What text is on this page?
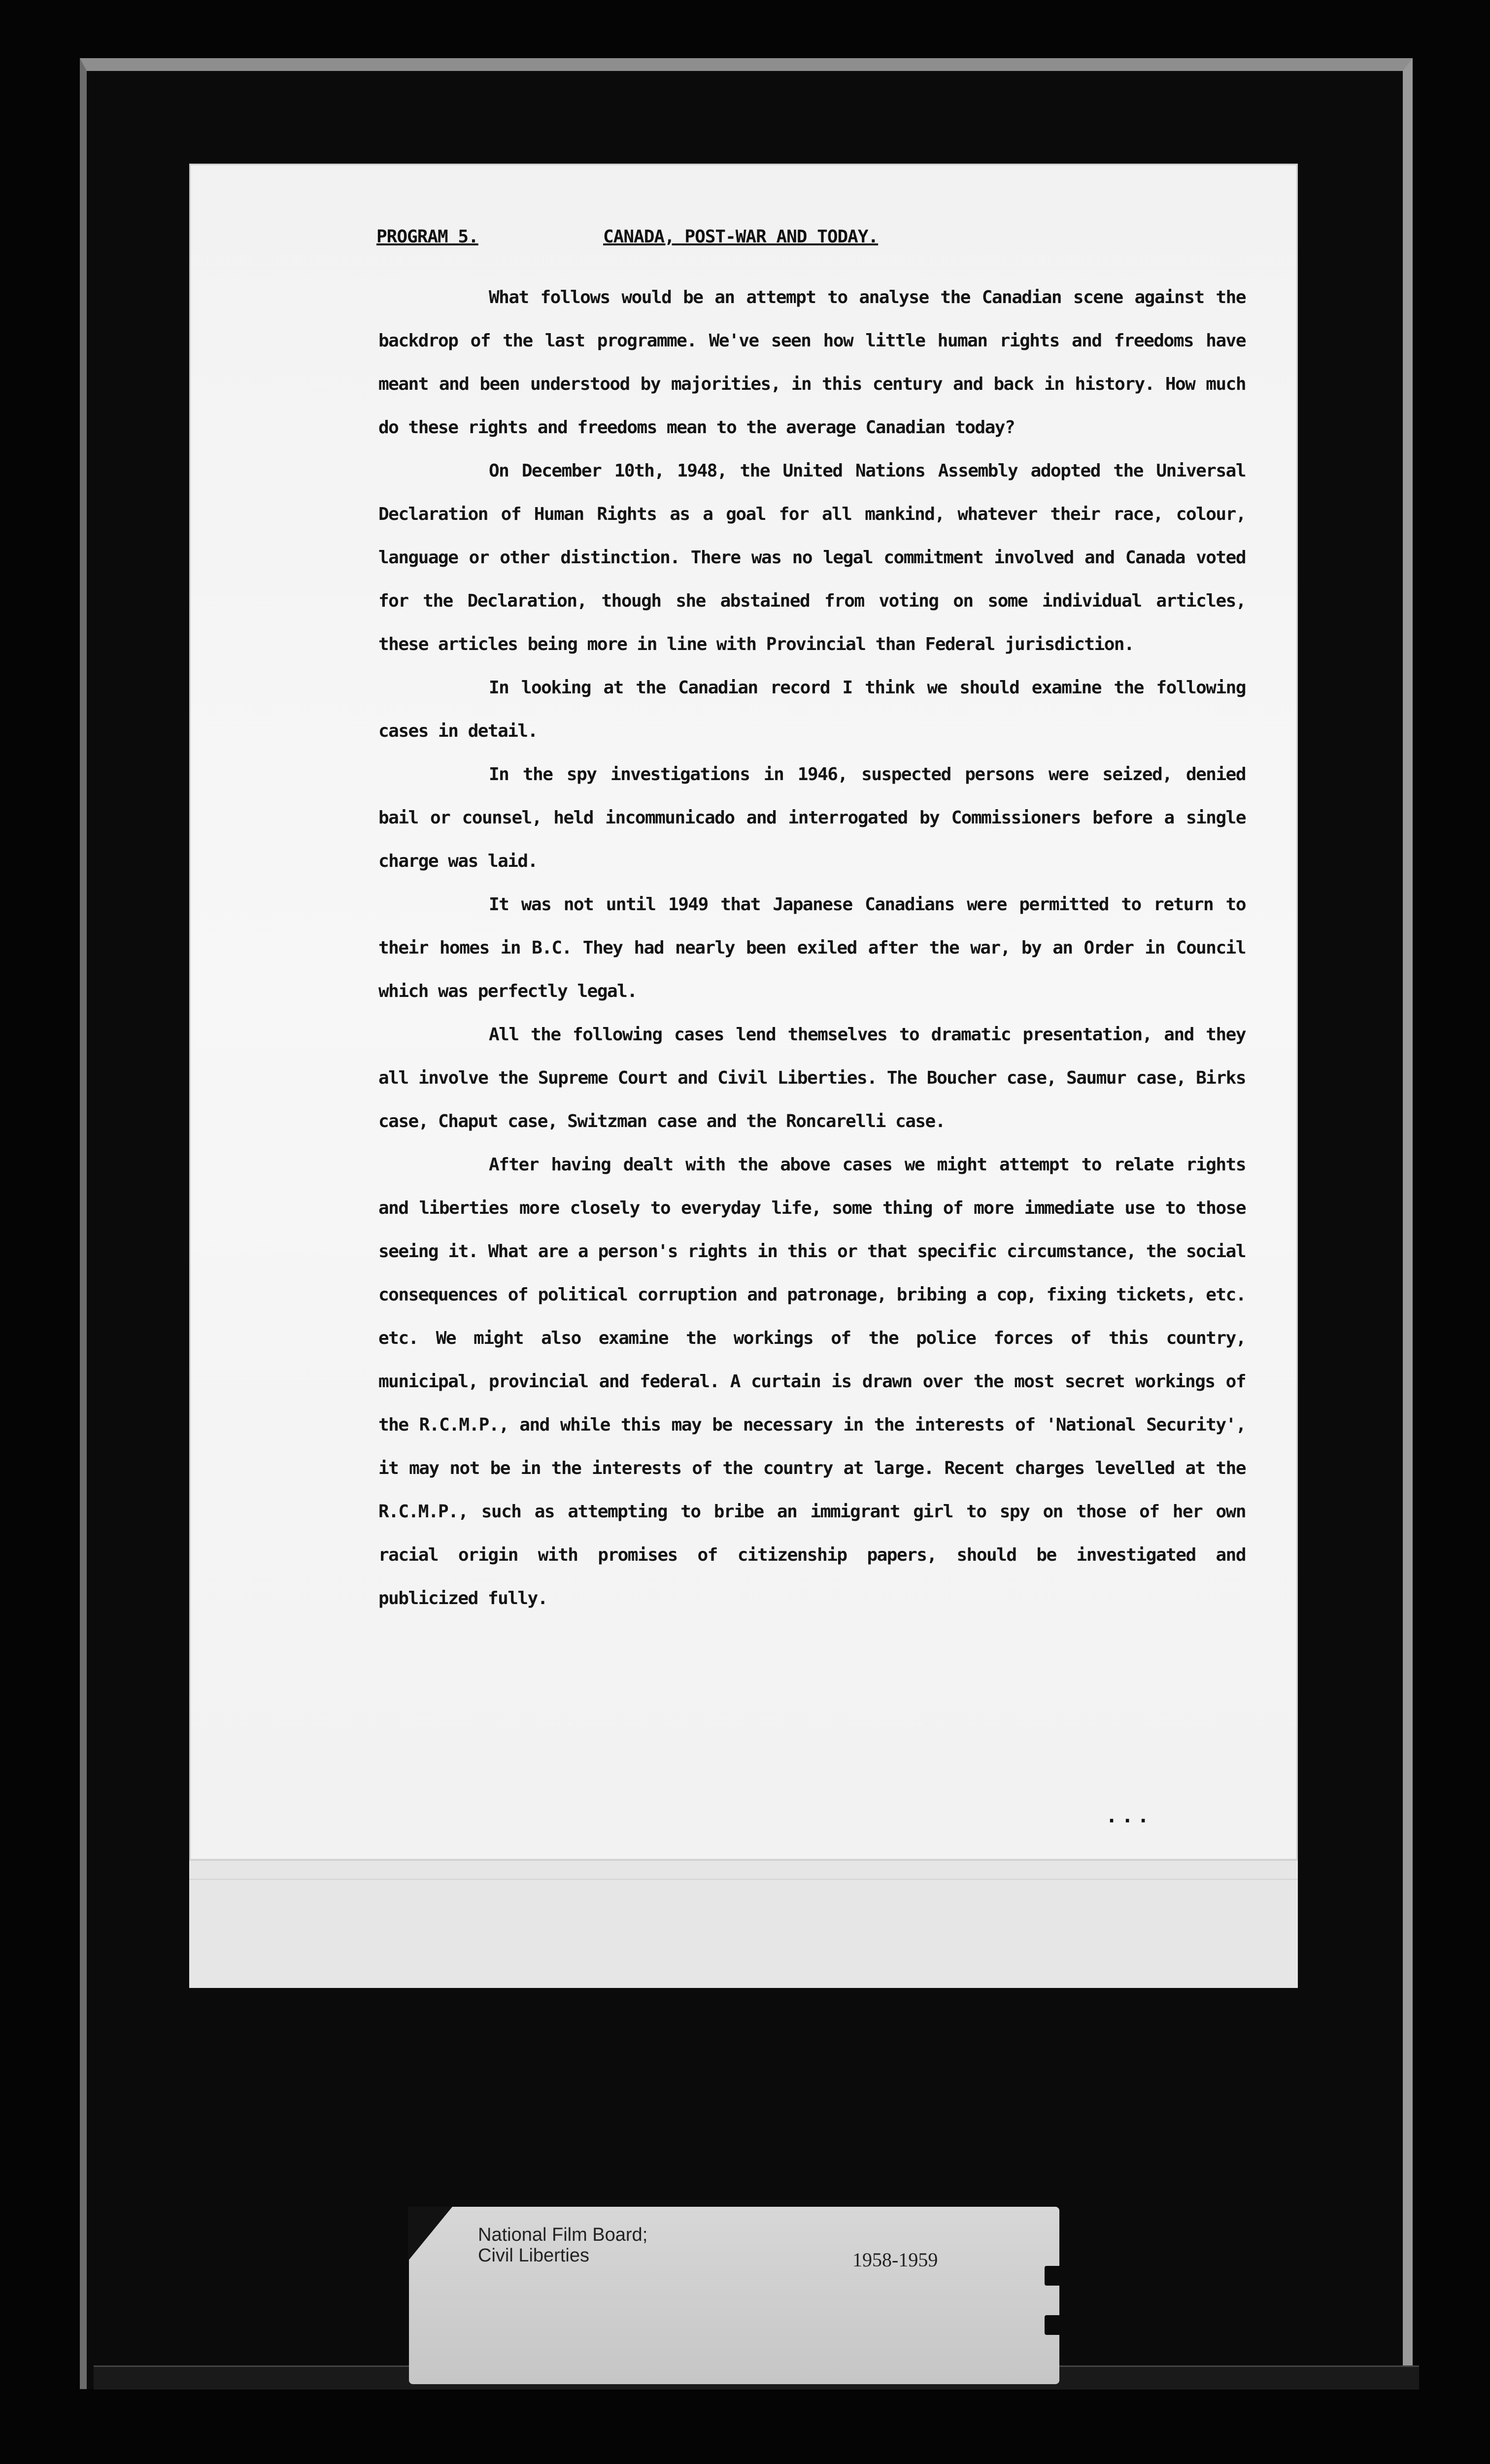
PROGRAM 5.	CANADA, POST-WAR AND TODAY.

What follows would be an attempt to analyse the Canadian scene against the backdrop of the last programme. We've seen how little human rights and freedoms have meant and been understood by majorities, in this century and back in history. How much do these rights and freedoms mean to the average Canadian today?

On December 10th, 1948, the United Nations Assembly adopted the Universal Declaration of Human Rights as a goal for all mankind, whatever their race, colour, language or other distinction. There was no legal commitment involved and Canada voted for the Declaration, though she abstained from voting on some individual articles, these articles being more in line with Provincial than Federal jurisdiction.

In looking at the Canadian record I think we should examine the following cases in detail.

In the spy investigations in 1946, suspected persons were seized, denied bail or counsel, held incommunicado and interrogated by Commissioners before a single charge was laid.

It was not until 1949 that Japanese Canadians were permitted to return to their homes in B.C. They had nearly been exiled after the war, by an Order in Council which was perfectly legal.

All the following cases lend themselves to dramatic presentation, and they all involve the Supreme Court and Civil Liberties. The Boucher case, Saumur case, Birks case, Chaput case, Switzman case and the Roncarelli case.

After having dealt with the above cases we might attempt to relate rights and liberties more closely to everyday life, some thing of more immediate use to those seeing it. What are a person's rights in this or that specific circumstance, the social consequences of political corruption and patronage, bribing a cop, fixing tickets, etc. etc. We might also examine the workings of the police forces of this country, municipal, provincial and federal. A curtain is drawn over the most secret workings of the R.C.M.P., and while this may be necessary in the interests of 'National Security', it may not be in the interests of the country at large. Recent charges levelled at the R.C.M.P., such as attempting to bribe an immigrant girl to spy on those of her own racial origin with promises of citizenship papers, should be investigated and publicized fully.

...
National Film Board;
Civil Liberties	1958-1959
